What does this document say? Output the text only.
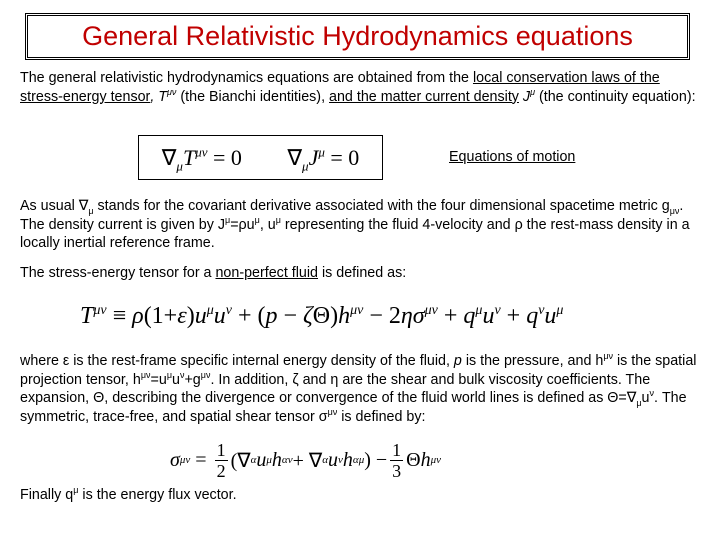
General Relativistic Hydrodynamics equations
The general relativistic hydrodynamics equations are obtained from the local conservation laws of the stress-energy tensor, $T^{\mu\nu}$ (the Bianchi identities), and the matter current density $J^\mu$ (the continuity equation):
$\nabla_\mu T^{\mu\nu} = 0$ $\nabla_\mu J^\mu = 0$	Equations of motion
As usual $\nabla_\mu$ stands for the covariant derivative associated with the four dimensional spacetime metric $g_{\mu\nu}$. The density current is given by $J^\mu=\rho u^\mu$, $u^\mu$ representing the fluid 4-velocity and ρ the rest-mass density in a locally inertial reference frame.
The stress-energy tensor for a non-perfect fluid is defined as:
$T^{\mu\nu} \equiv \rho(1+\varepsilon)u^\mu u^\nu + (p - \zeta\Theta)h^{\mu\nu} - 2\eta\sigma^{\mu\nu} + q^\mu u^\nu + q^\nu u^\mu$
where ε is the rest-frame specific internal energy density of the fluid, p is the pressure, and $h^{\mu\nu}$ is the spatial projection tensor, $h^{\mu\nu}=u^\mu u^\nu+g^{\mu\nu}$. In addition, ζ and η are the shear and bulk viscosity coefficients. The expansion, Θ, describing the divergence or convergence of the fluid world lines is defined as $\Theta=\nabla_\mu u^\nu$. The symmetric, trace-free, and spatial shear tensor $\sigma^{\mu\nu}$ is defined by:
σ $\mu\nu = \frac{1}{2}$ (∇ α u μ h αν + ∇ α u ν h αμ ) − $\frac{1}{3}$ Θ h μν
Finally $q^\mu$ is the energy flux vector.
